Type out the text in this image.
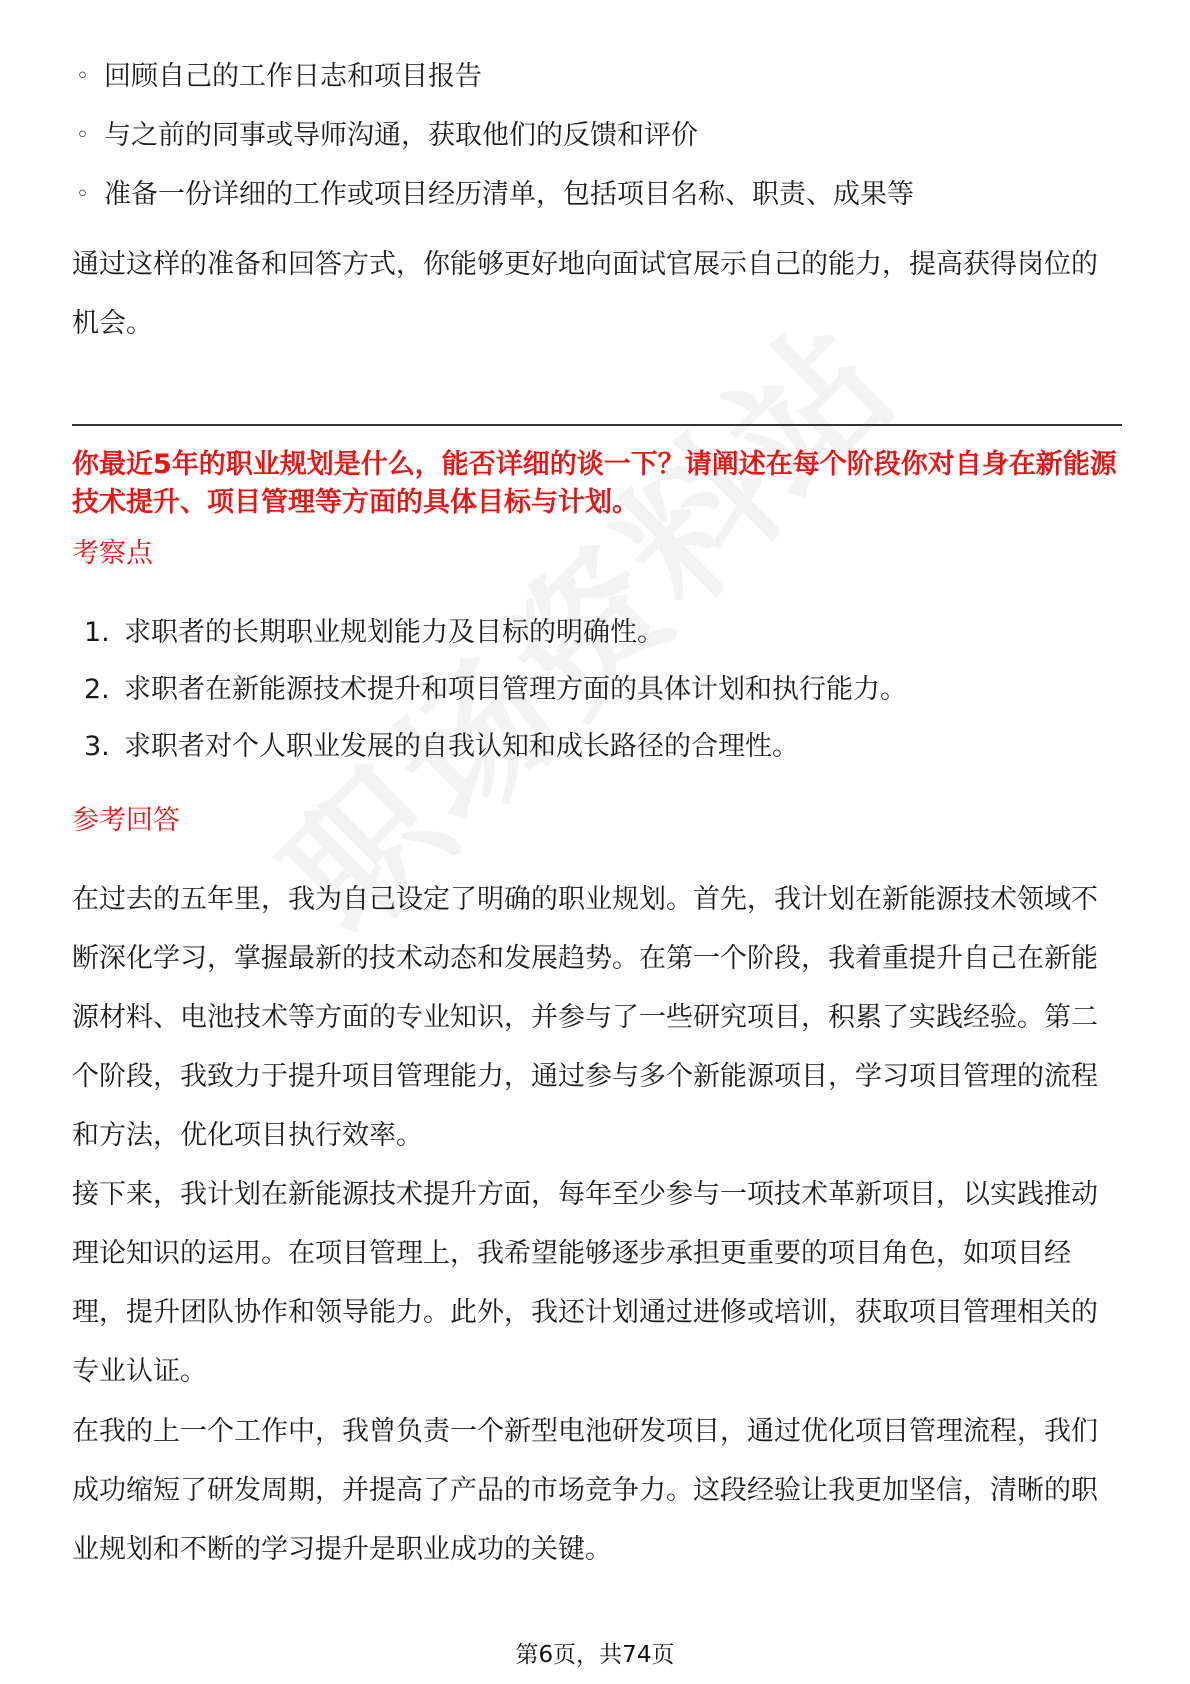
◦ 回顾自己的工作日志和项目报告
◦ 与之前的同事或导师沟通，获取他们的反馈和评价
◦ 准备一份详细的工作或项目经历清单，包括项目名称、职责、成果等

通过这样的准备和回答方式，你能够更好地向面试官展示自己的能力，提高获得岗位的机会。

你最近5年的职业规划是什么，能否详细的谈一下？请阐述在每个阶段你对自身在新能源技术提升、项目管理等方面的具体目标与计划。

考察点

1. 求职者的长期职业规划能力及目标的明确性。
2. 求职者在新能源技术提升和项目管理方面的具体计划和执行能力。
3. 求职者对个人职业发展的自我认知和成长路径的合理性。

参考回答

在过去的五年里，我为自己设定了明确的职业规划。首先，我计划在新能源技术领域不断深化学习，掌握最新的技术动态和发展趋势。在第一个阶段，我着重提升自己在新能源材料、电池技术等方面的专业知识，并参与了一些研究项目，积累了实践经验。第二个阶段，我致力于提升项目管理能力，通过参与多个新能源项目，学习项目管理的流程和方法，优化项目执行效率。

接下来，我计划在新能源技术提升方面，每年至少参与一项技术革新项目，以实践推动理论知识的运用。在项目管理上，我希望能够逐步承担更重要的项目角色，如项目经理，提升团队协作和领导能力。此外，我还计划通过进修或培训，获取项目管理相关的专业认证。

在我的上一个工作中，我曾负责一个新型电池研发项目，通过优化项目管理流程，我们成功缩短了研发周期，并提高了产品的市场竞争力。这段经验让我更加坚信，清晰的职业规划和不断的学习提升是职业成功的关键。

第6页，共74页
